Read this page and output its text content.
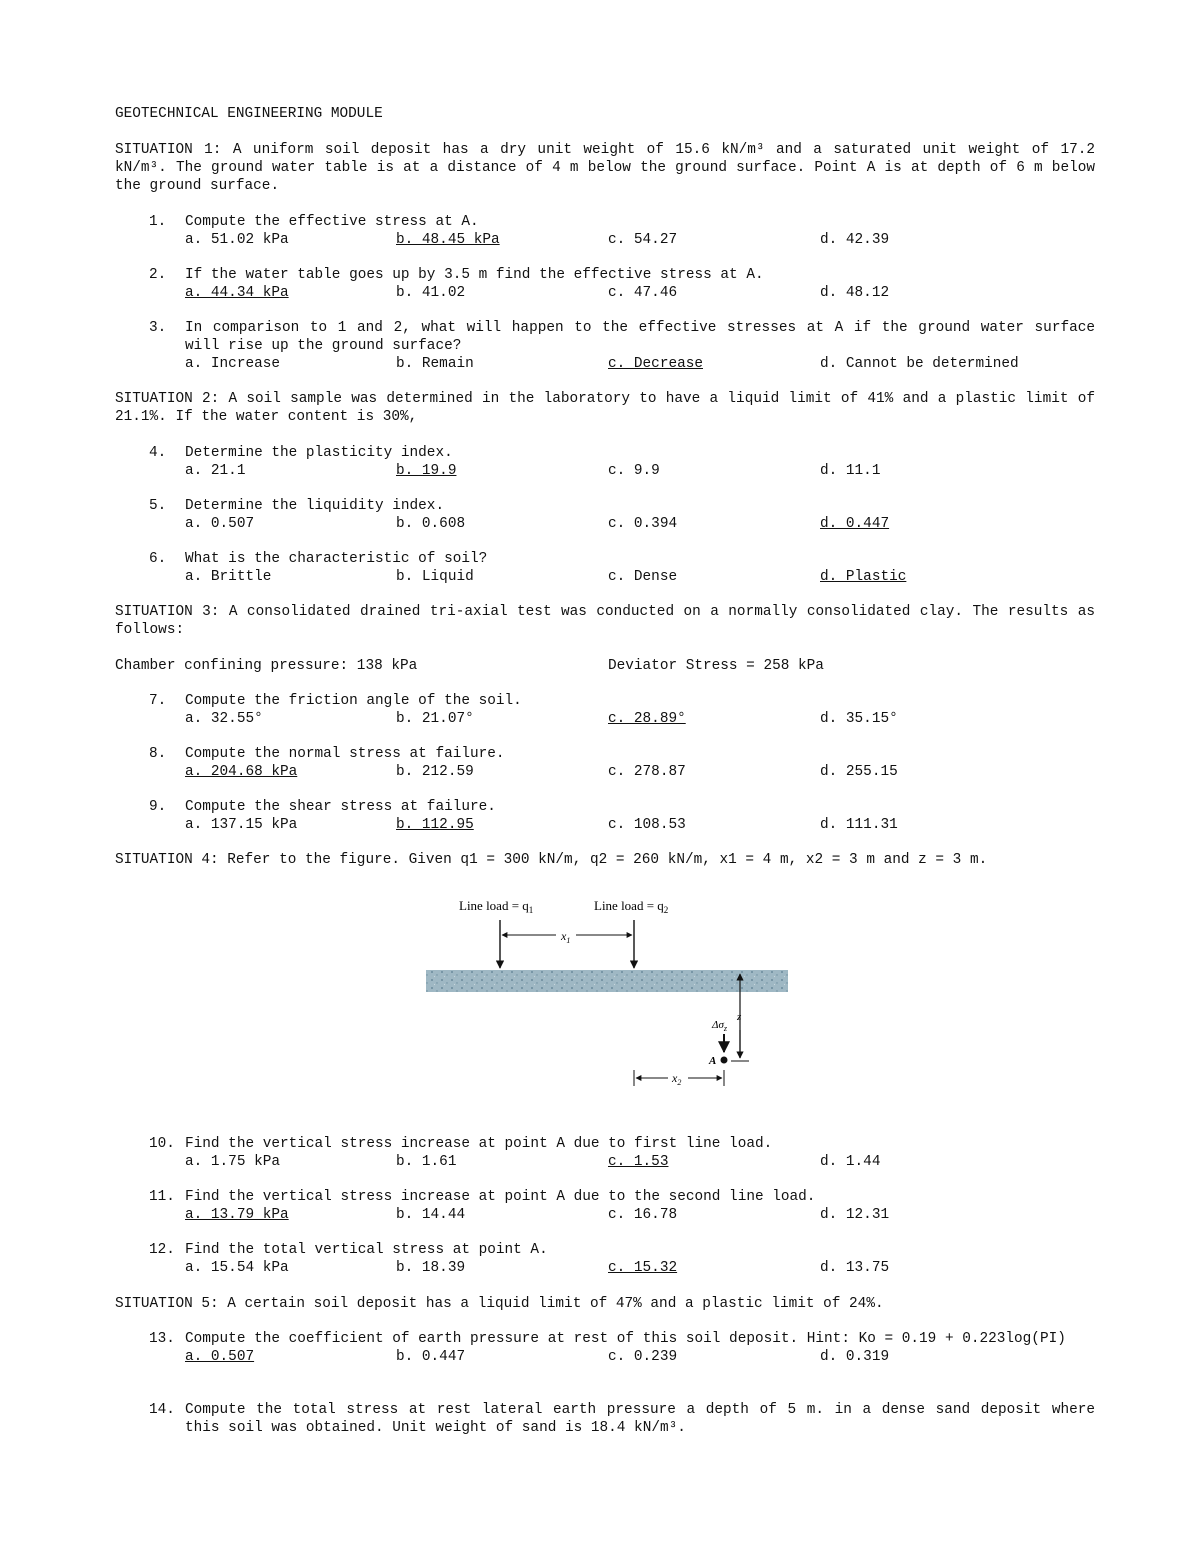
GEOTECHNICAL ENGINEERING MODULE
SITUATION 1: A uniform soil deposit has a dry unit weight of 15.6 kN/m³ and a saturated unit weight of 17.2 kN/m³. The ground water table is at a distance of 4 m below the ground surface. Point A is at depth of 6 m below the ground surface.
1.	Compute the effective stress at A.
a. 51.02 kPa	b. 48.45 kPa	c. 54.27	d. 42.39
2.	If the water table goes up by 3.5 m find the effective stress at A.
a. 44.34 kPa	b. 41.02	c. 47.46	d. 48.12
3.	In comparison to 1 and 2, what will happen to the effective stresses at A if the ground water surface will rise up the ground surface?
a. Increase	b. Remain	c. Decrease	d. Cannot be determined
SITUATION 2: A soil sample was determined in the laboratory to have a liquid limit of 41% and a plastic limit of 21.1%. If the water content is 30%,
4.	Determine the plasticity index.
a. 21.1	b. 19.9	c. 9.9	d. 11.1
5.	Determine the liquidity index.
a. 0.507	b. 0.608	c. 0.394	d. 0.447
6.	What is the characteristic of soil?
a. Brittle	b. Liquid	c. Dense	d. Plastic
SITUATION 3: A consolidated drained tri-axial test was conducted on a normally consolidated clay. The results as follows:
Chamber confining pressure: 138 kPa	Deviator Stress = 258 kPa
7.	Compute the friction angle of the soil.
a. 32.55°	b. 21.07°	c. 28.89°	d. 35.15°
8.	Compute the normal stress at failure.
a. 204.68 kPa	b. 212.59	c. 278.87	d. 255.15
9.	Compute the shear stress at failure.
a. 137.15 kPa	b. 112.95	c. 108.53	d. 111.31
SITUATION 4: Refer to the figure. Given q1 = 300 kN/m, q2 = 260 kN/m, x1 = 4 m, x2 = 3 m and z = 3 m.
Line load = $q_1$	Line load = $q_2$
$x_1$
z
$\Delta\sigma_z$
A
$x_2$
10. Find the vertical stress increase at point A due to first line load.
a. 1.75 kPa	b. 1.61	c. 1.53	d. 1.44
11. Find the vertical stress increase at point A due to the second line load.
a. 13.79 kPa	b. 14.44	c. 16.78	d. 12.31
12. Find the total vertical stress at point A.
a. 15.54 kPa	b. 18.39	c. 15.32	d. 13.75
SITUATION 5: A certain soil deposit has a liquid limit of 47% and a plastic limit of 24%.
13. Compute the coefficient of earth pressure at rest of this soil deposit. Hint: Ko = 0.19 + 0.223log(PI)
a. 0.507	b. 0.447	c. 0.239	d. 0.319
14. Compute the total stress at rest lateral earth pressure a depth of 5 m. in a dense sand deposit where this soil was obtained. Unit weight of sand is 18.4 kN/m³.
